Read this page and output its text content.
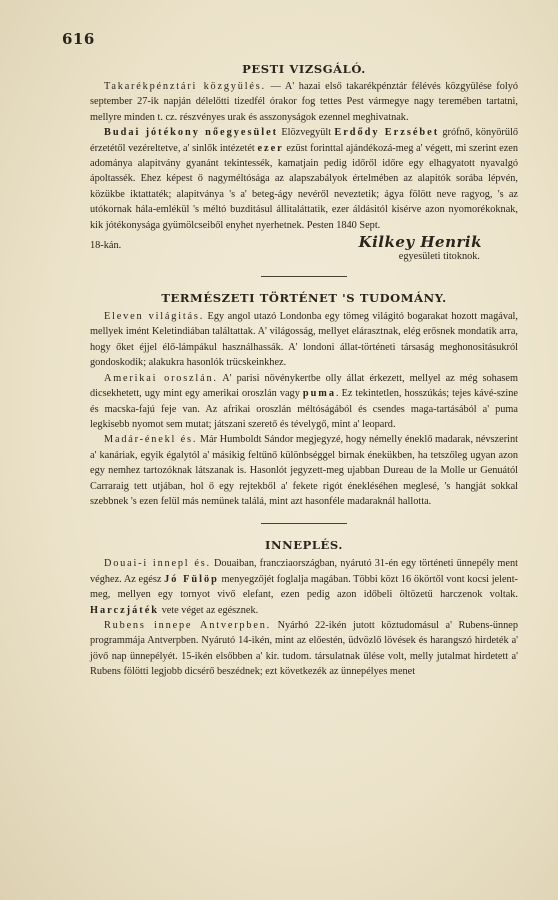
616
PESTI VIZSGÁLÓ.

Takarékpénztári közgyülés. — A' hazai első takarékpénztár félévés közgyülése folyó september 27-ik napján délelőtti tizedfél órakor fog tettes Pest vármegye nagy teremében tartatni, mellyre minden t. cz. részvényes urak és asszonyságok ezennel meghivatnak.

Budai jótékony nőegyesület Elözvegyült Erdődy Erzsébet grófnő, könyörülő érzetétől vezéreltetve, a' sinlők intézetét ezer ezüst forinttal ajándékozá-meg a' végett, mi szerint ezen adománya alapitvány gyanánt tekintessék, kamatjain pedig időről időre egy elhagyatott nyavalgó ápoltassék. Ehez képest ő nagyméltósága az alapszabályok értelmében az alapitók sorába lépvén, közükbe iktattaték; alapitványa 's a' beteg-ágy nevéről neveztetik; ágya fölött neve ragyog, 's az utókornak hála-emlékül 's méltó buzditásul állitaláttatik, ezer áldásitól kisérve azon nyomorékoknak, kik jótékonysága gyümölcseiből enyhet nyerhetnek. Pesten 1840 Sept.

18-kán.	Kilkey Henrik
egyesületi titoknok.
TERMÉSZETI TÖRTÉNET 'S TUDOMÁNY.

Eleven világitás. Egy angol utazó Londonba egy tömeg világitó bogarakat hozott magával, mellyek imént Keletindiában találtattak. A' világosság, mellyet elárasztnak, elég erősnek mondatik arra, hogy őket éjjel élő-lámpákul használhassák. A' londoni állat-történeti társaság meghonositásukról gondoskodik; alakukra hasonlók trücskeinkhez.

Amerikai oroszlán. A' parisi növénykertbe olly állat érkezett, mellyel az még sohasem dicsekhetett, ugy mint egy amerikai oroszlán vagy puma. Ez tekintetlen, hosszúkás; tejes kávé-szine és macska-fajú feje van. Az afrikai oroszlán méltóságából és csendes maga-tartásából a' puma legkisebb nyomot sem mutat; játszani szerető és tévelygő, mint a' leopard.

Madár-énekl és. Már Humboldt Sándor megjegyzé, hogy némelly éneklő madarak, névszerint a' kanáriak, egyik égalytól a' másikig feltűnő különbséggel birnak énekükben, ha tetszőleg ugyan azon egy nemhez tartozóknak látszanak is. Hasonlót jegyzett-meg ujabban Dureau de la Molle ur Genuától Carraraig tett utjában, hol ő egy rejtekből a' fekete rigót énekléséhen meglesé, 's hangját sokkal szebbnek 's ezen felül más nemünek találá, mint azt hasonféle madaraknál hallotta.

INNEPLÉS.

Douai-i innepl és. Douaiban, francziaországban, nyárutó 31-én egy történeti ünnepély ment véghez. Az egész Jó Fülöp menyegzőjét foglalja magában. Többi közt 16 ökörtől vont kocsi jelent-meg, mellyen egy tornyot vivő elefant, ezen pedig azon időbeli öltözetű harczenok voltak. Harczjáték vete véget az egésznek.

Rubens innepe Antverpben. Nyárhó 22-ikén jutott köztudomásul a' Rubens-ünnep programmája Antverpben. Nyárutó 14-ikén, mint az előestén, üdvözlő lövések és harangszó hirdeték a' jövő nap ünnepélyét. 15-ikén elsőbben a' kir. tudom. társulatnak ülése volt, melly jutalmat hirdetett a' Rubens fölötti legjobb dicsérő beszédnek; ezt következék az ünnepélyes menet
